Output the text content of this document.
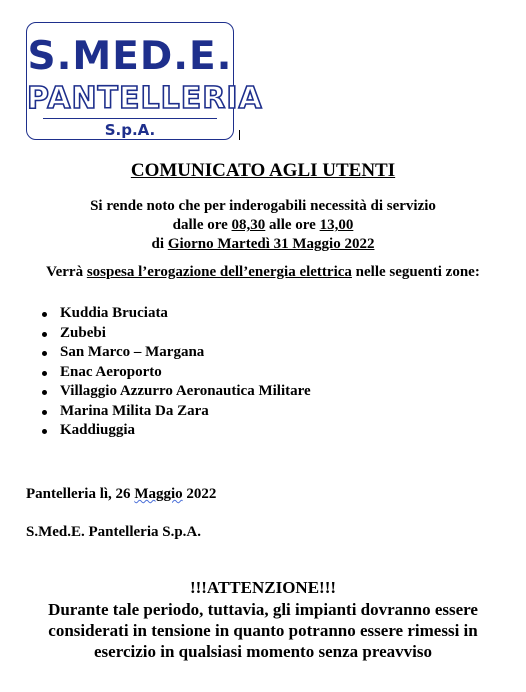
S.MED.E.
PANTELLERIA
S.p.A.
COMUNICATO AGLI UTENTI
Si rende noto che per inderogabili necessità di servizio
dalle ore 08,30 alle ore 13,00
di Giorno Martedì 31 Maggio 2022
Verrà sospesa l’erogazione dell’energia elettrica nelle seguenti zone:
Kuddia Bruciata
Zubebi
San Marco – Margana
Enac Aeroporto
Villaggio Azzurro Aeronautica Militare
Marina Milita Da Zara
Kaddiuggia
Pantelleria lì, 26 Maggio 2022
S.Med.E. Pantelleria S.p.A.
!!!ATTENZIONE!!!
Durante tale periodo, tuttavia, gli impianti dovranno essere considerati in tensione in quanto potranno essere rimessi in esercizio in qualsiasi momento senza preavviso
